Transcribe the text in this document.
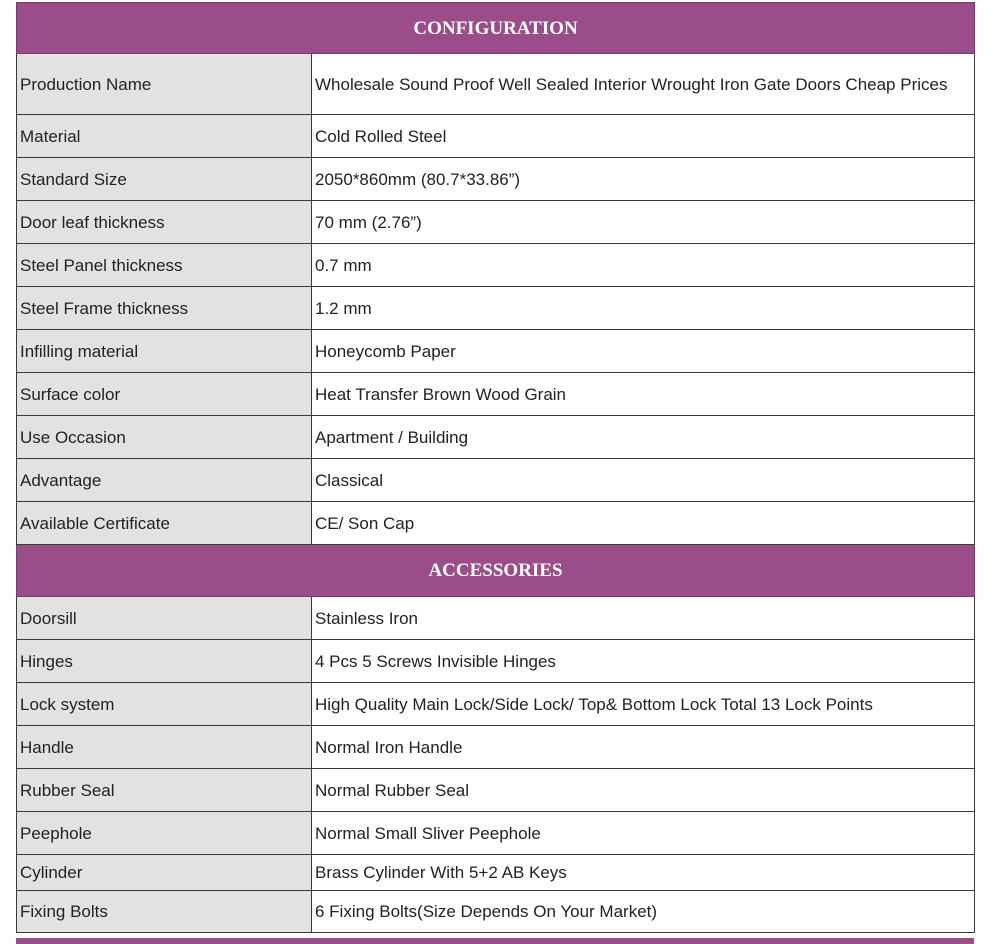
CONFIGURATION	
Production Name	Wholesale Sound Proof Well Sealed Interior Wrought Iron Gate Doors Cheap Prices
Material	Cold Rolled Steel
Standard Size	2050*860mm (80.7*33.86”)
Door leaf thickness	70 mm (2.76”)
Steel Panel thickness	0.7 mm
Steel Frame thickness	1.2 mm
Infilling material	Honeycomb Paper
Surface color	Heat Transfer Brown Wood Grain
Use Occasion	Apartment / Building
Advantage	Classical
Available Certificate	CE/ Son Cap
ACCESSORIES	
Doorsill	Stainless Iron
Hinges	4 Pcs 5 Screws Invisible Hinges
Lock system	High Quality Main Lock/Side Lock/ Top& Bottom Lock Total 13 Lock Points
Handle	Normal Iron Handle
Rubber Seal	Normal Rubber Seal
Peephole	Normal Small Sliver Peephole
Cylinder	Brass Cylinder With 5+2 AB Keys
Fixing Bolts	6 Fixing Bolts(Size Depends On Your Market)
